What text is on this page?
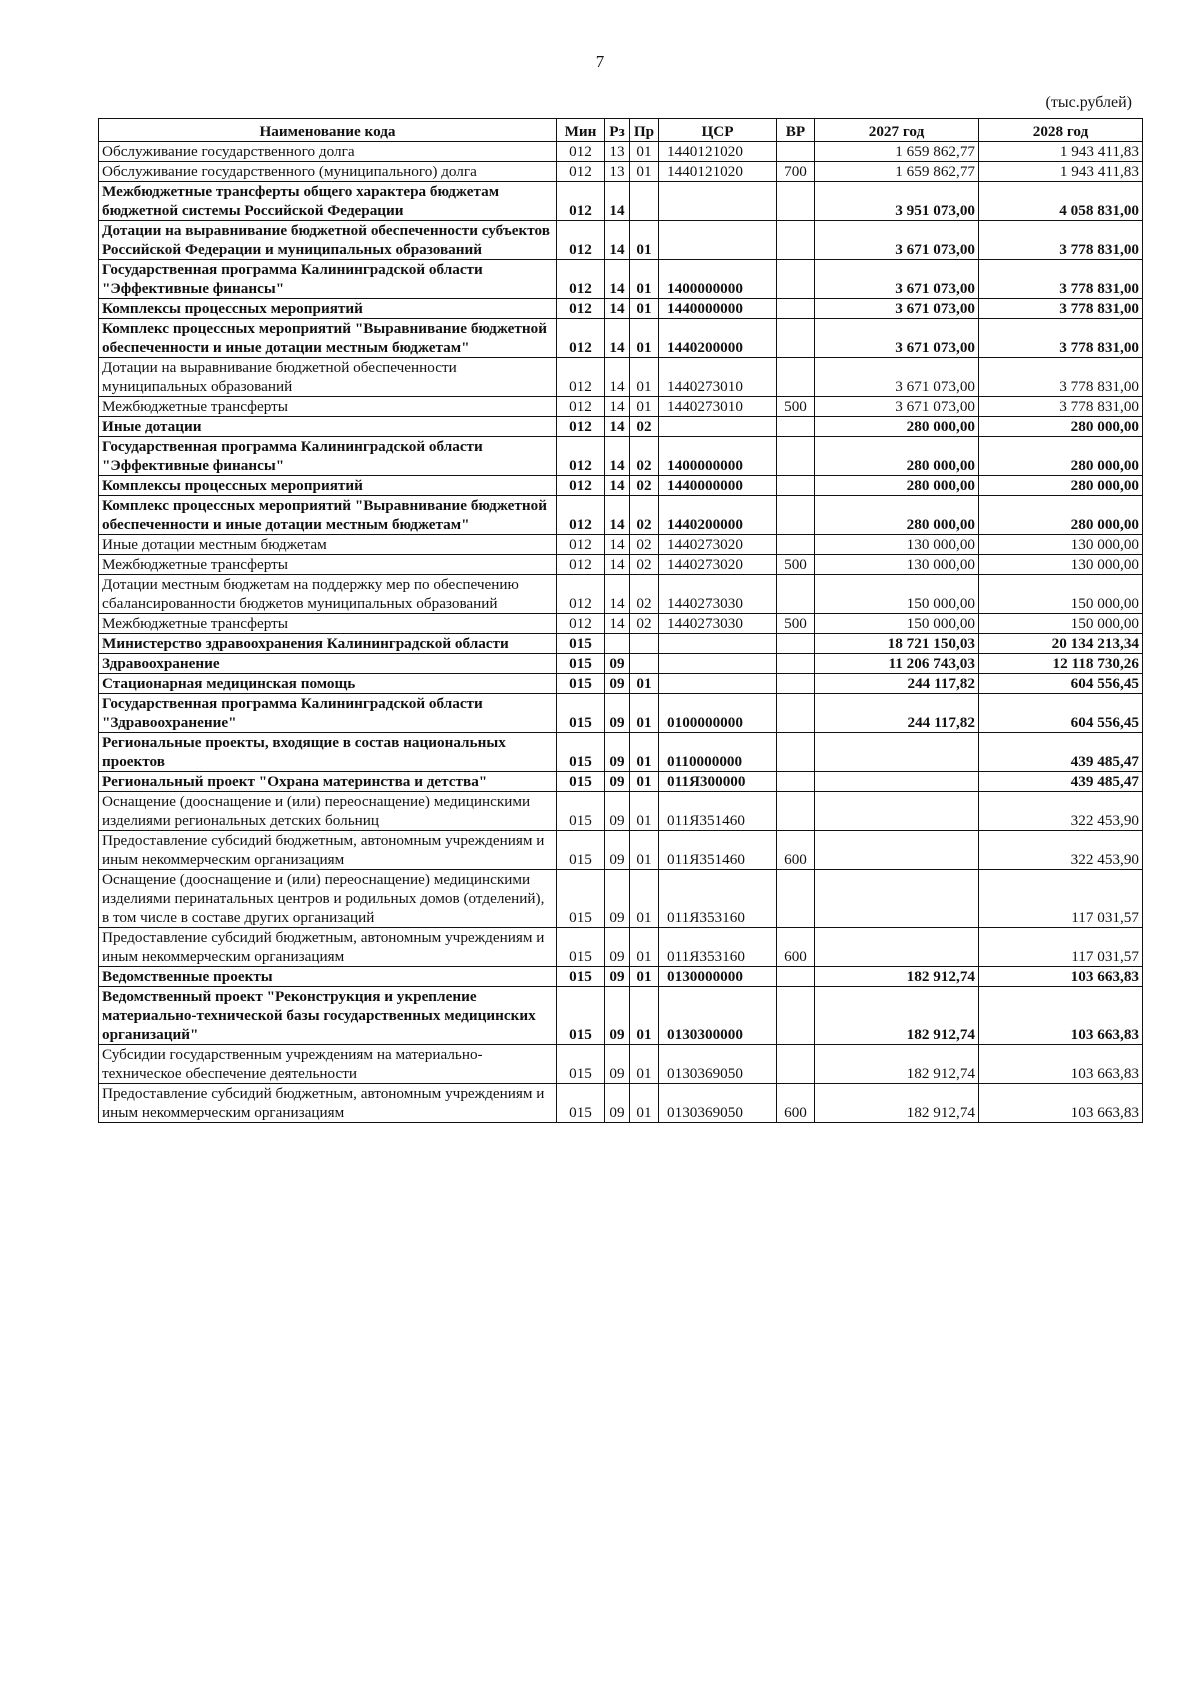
7
(тыс.рублей)
Наименование кода	Мин	Рз	Пр	ЦСР	ВР	2027 год	2028 год
Обслуживание государственного долга	012	13	01	1440121020		1 659 862,77	1 943 411,83
Обслуживание государственного (муниципального) долга	012	13	01	1440121020	700	1 659 862,77	1 943 411,83
Межбюджетные трансферты общего характера бюджетам бюджетной системы Российской Федерации	012	14				3 951 073,00	4 058 831,00
Дотации на выравнивание бюджетной обеспеченности субъектов Российской Федерации и муниципальных образований	012	14	01			3 671 073,00	3 778 831,00
Государственная программа Калининградской области "Эффективные финансы"	012	14	01	1400000000		3 671 073,00	3 778 831,00
Комплексы процессных мероприятий	012	14	01	1440000000		3 671 073,00	3 778 831,00
Комплекс процессных мероприятий "Выравнивание бюджетной обеспеченности и иные дотации местным бюджетам"	012	14	01	1440200000		3 671 073,00	3 778 831,00
Дотации на выравнивание бюджетной обеспеченности муниципальных образований	012	14	01	1440273010		3 671 073,00	3 778 831,00
Межбюджетные трансферты	012	14	01	1440273010	500	3 671 073,00	3 778 831,00
Иные дотации	012	14	02			280 000,00	280 000,00
Государственная программа Калининградской области "Эффективные финансы"	012	14	02	1400000000		280 000,00	280 000,00
Комплексы процессных мероприятий	012	14	02	1440000000		280 000,00	280 000,00
Комплекс процессных мероприятий "Выравнивание бюджетной обеспеченности и иные дотации местным бюджетам"	012	14	02	1440200000		280 000,00	280 000,00
Иные дотации местным бюджетам	012	14	02	1440273020		130 000,00	130 000,00
Межбюджетные трансферты	012	14	02	1440273020	500	130 000,00	130 000,00
Дотации местным бюджетам на поддержку мер по обеспечению сбалансированности бюджетов муниципальных образований	012	14	02	1440273030		150 000,00	150 000,00
Межбюджетные трансферты	012	14	02	1440273030	500	150 000,00	150 000,00
Министерство здравоохранения Калининградской области	015					18 721 150,03	20 134 213,34
Здравоохранение	015	09				11 206 743,03	12 118 730,26
Стационарная медицинская помощь	015	09	01			244 117,82	604 556,45
Государственная программа Калининградской области "Здравоохранение"	015	09	01	0100000000		244 117,82	604 556,45
Региональные проекты, входящие в состав национальных проектов	015	09	01	0110000000			439 485,47
Региональный проект "Охрана материнства и детства"	015	09	01	011Я300000			439 485,47
Оснащение (дооснащение и (или) переоснащение) медицинскими изделиями региональных детских больниц	015	09	01	011Я351460			322 453,90
Предоставление субсидий бюджетным, автономным учреждениям и иным некоммерческим организациям	015	09	01	011Я351460	600		322 453,90
Оснащение (дооснащение и (или) переоснащение) медицинскими изделиями перинатальных центров и родильных домов (отделений), в том числе в составе других организаций	015	09	01	011Я353160			117 031,57
Предоставление субсидий бюджетным, автономным учреждениям и иным некоммерческим организациям	015	09	01	011Я353160	600		117 031,57
Ведомственные проекты	015	09	01	0130000000		182 912,74	103 663,83
Ведомственный проект "Реконструкция и укрепление материально-технической базы государственных медицинских организаций"	015	09	01	0130300000		182 912,74	103 663,83
Субсидии государственным учреждениям на материально-техническое обеспечение деятельности	015	09	01	0130369050		182 912,74	103 663,83
Предоставление субсидий бюджетным, автономным учреждениям и иным некоммерческим организациям	015	09	01	0130369050	600	182 912,74	103 663,83
